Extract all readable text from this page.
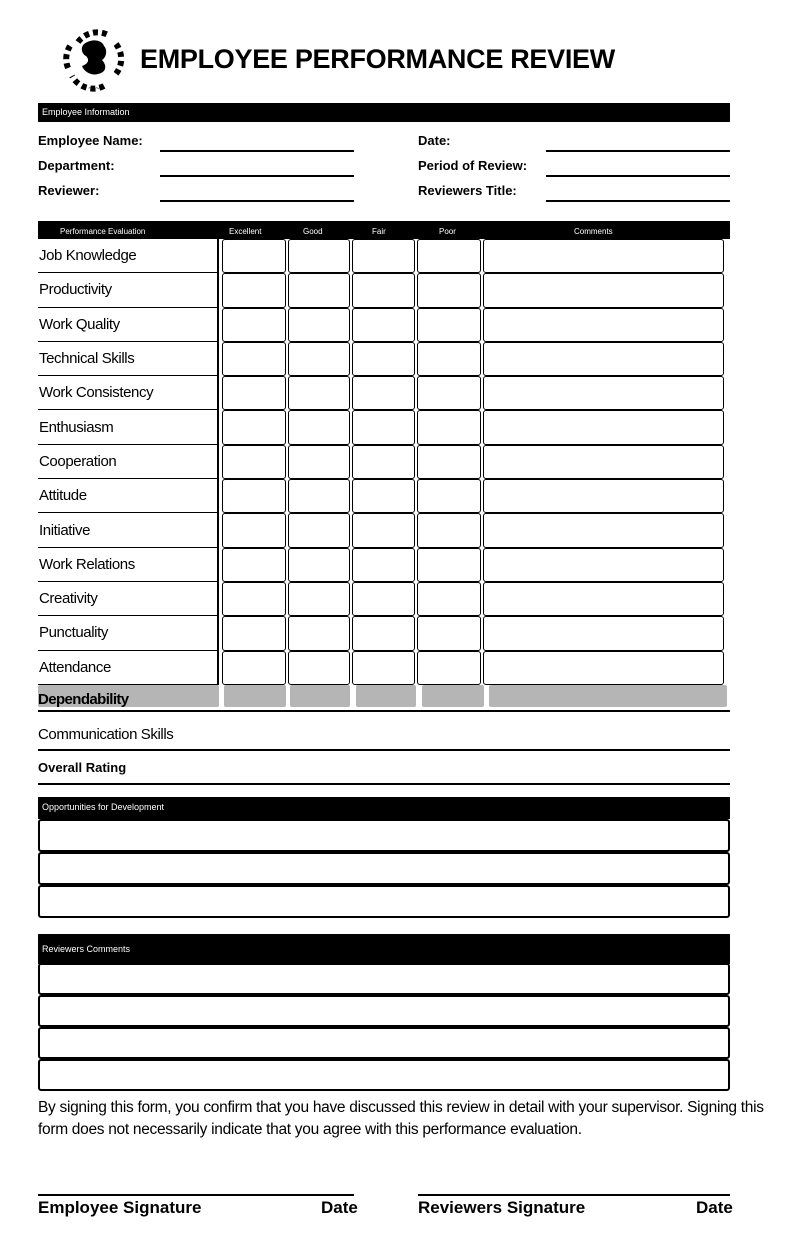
~ ~
EMPLOYEE PERFORMANCE REVIEW
Employee Information
Employee Name:
Department:
Reviewer:
Date:
Period of Review:
Reviewers Title:
Performance Evaluation	Excellent	Good	Fair	Poor	Comments
Job Knowledge
Productivity
Work Quality
Technical Skills
Work Consistency
Enthusiasm
Cooperation
Attitude
Initiative
Work Relations
Creativity
Punctuality
Attendance
Dependability
Communication Skills
Overall Rating
Opportunities for Development
Reviewers Comments
By signing this form, you confirm that you have discussed this review in detail with your supervisor. Signing this form does not necessarily indicate that you agree with this performance evaluation.
Employee Signature	Date	Reviewers Signature	Date
